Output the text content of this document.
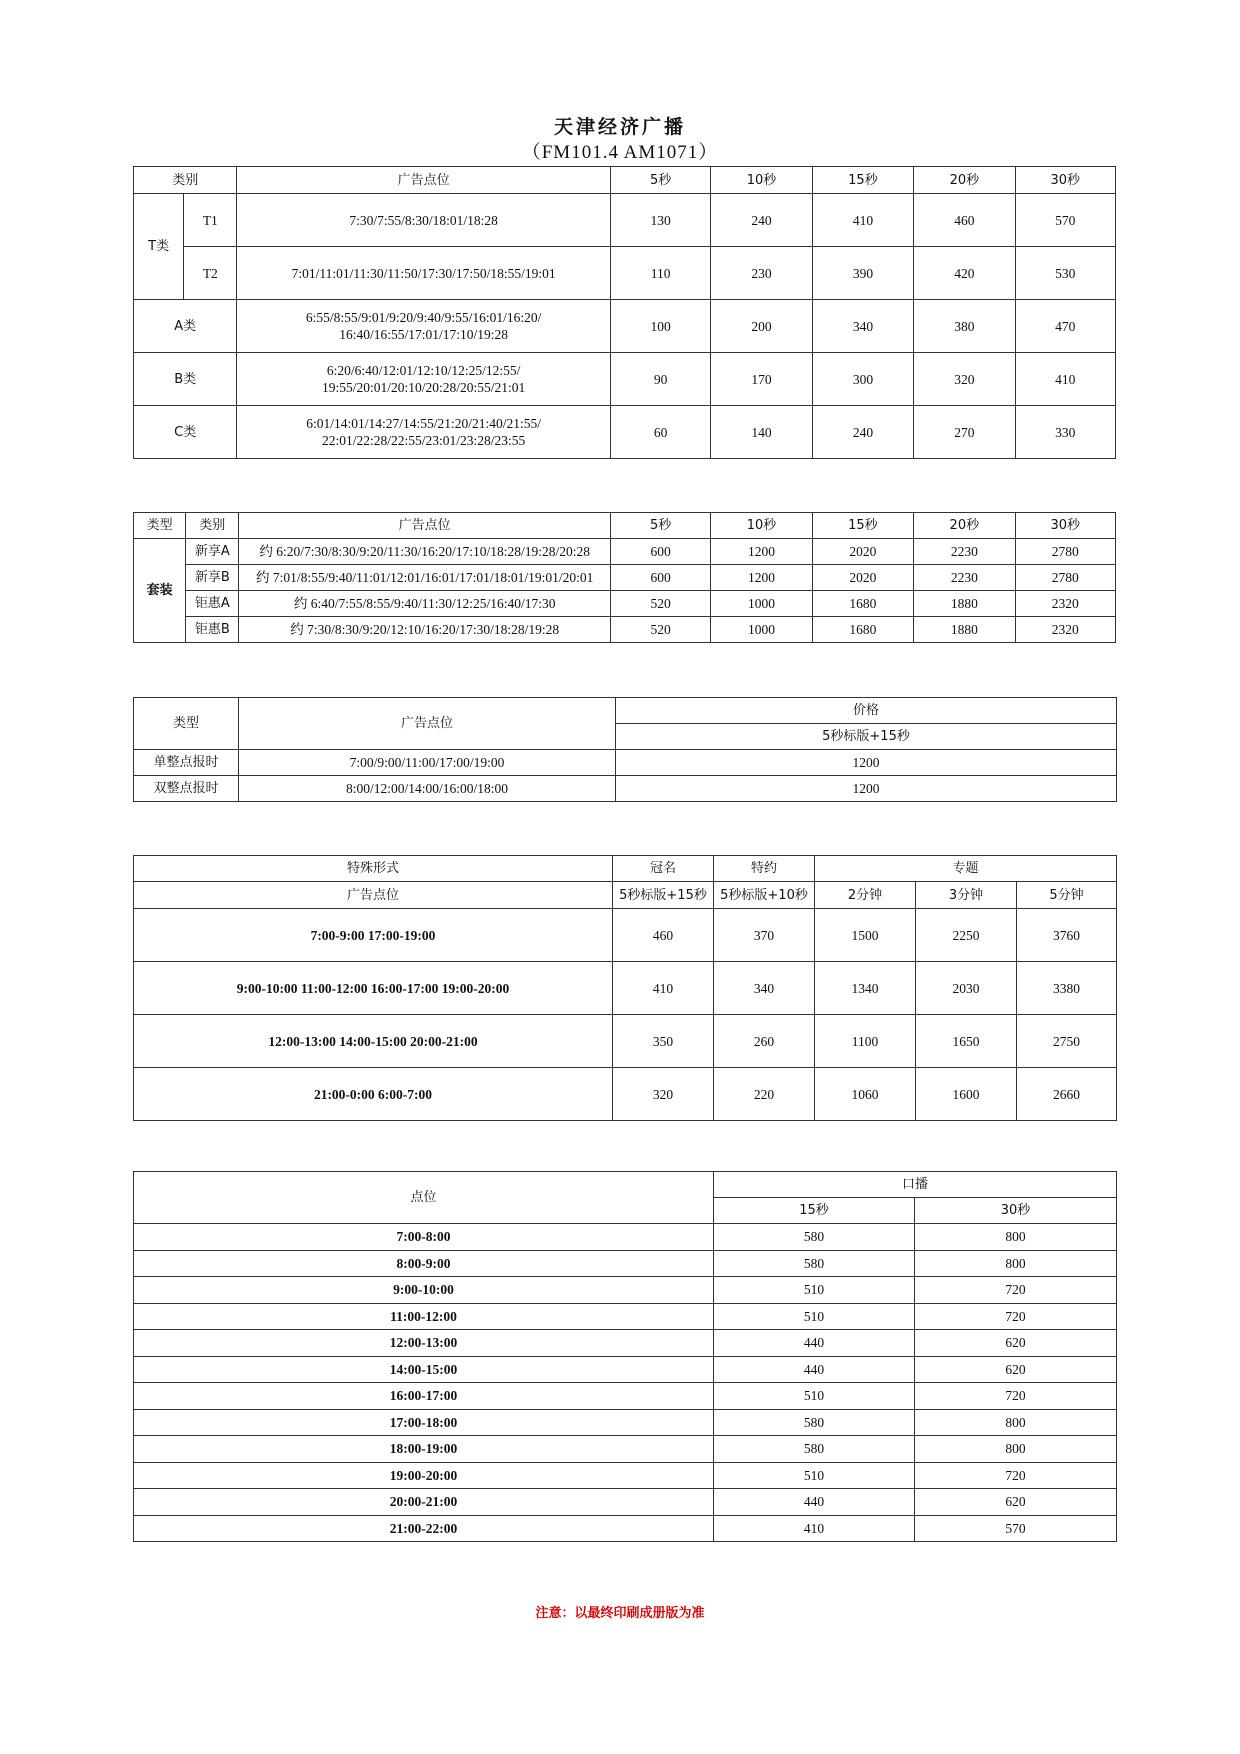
天津经济广播
（FM101.4 AM1071）
类别		广告点位	5秒	10秒	15秒	20秒	30秒
T类	T1	7:30/7:55/8:30/18:01/18:28	130	240	410	460	570
	T2	7:01/11:01/11:30/11:50/17:30/17:50/18:55/19:01	110	230	390	420	530
A类		6:55/8:55/9:01/9:20/9:40/9:55/16:01/16:20/
16:40/16:55/17:01/17:10/19:28	100	200	340	380	470
B类		6:20/6:40/12:01/12:10/12:25/12:55/
19:55/20:01/20:10/20:28/20:55/21:01	90	170	300	320	410
C类		6:01/14:01/14:27/14:55/21:20/21:40/21:55/
22:01/22:28/22:55/23:01/23:28/23:55	60	140	240	270	330
类型	类别	广告点位	5秒	10秒	15秒	20秒	30秒
套装	新享A	约 6:20/7:30/8:30/9:20/11:30/16:20/17:10/18:28/19:28/20:28	600	1200	2020	2230	2780
	新享B	约 7:01/8:55/9:40/11:01/12:01/16:01/17:01/18:01/19:01/20:01	600	1200	2020	2230	2780
	钜惠A	约 6:40/7:55/8:55/9:40/11:30/12:25/16:40/17:30	520	1000	1680	1880	2320
	钜惠B	约 7:30/8:30/9:20/12:10/16:20/17:30/18:28/19:28	520	1000	1680	1880	2320
类型	广告点位	价格
		5秒标版+15秒
单整点报时	7:00/9:00/11:00/17:00/19:00	1200
双整点报时	8:00/12:00/14:00/16:00/18:00	1200
特殊形式	冠名	特约	专题		
广告点位	5秒标版+15秒	5秒标版+10秒	2分钟	3分钟	5分钟
7:00-9:00 17:00-19:00	460	370	1500	2250	3760
9:00-10:00 11:00-12:00 16:00-17:00 19:00-20:00	410	340	1340	2030	3380
12:00-13:00 14:00-15:00 20:00-21:00	350	260	1100	1650	2750
21:00-0:00 6:00-7:00	320	220	1060	1600	2660
点位	口播	
	15秒	30秒
7:00-8:00	580	800
8:00-9:00	580	800
9:00-10:00	510	720
11:00-12:00	510	720
12:00-13:00	440	620
14:00-15:00	440	620
16:00-17:00	510	720
17:00-18:00	580	800
18:00-19:00	580	800
19:00-20:00	510	720
20:00-21:00	440	620
21:00-22:00	410	570
注意：以最终印刷成册版为准
